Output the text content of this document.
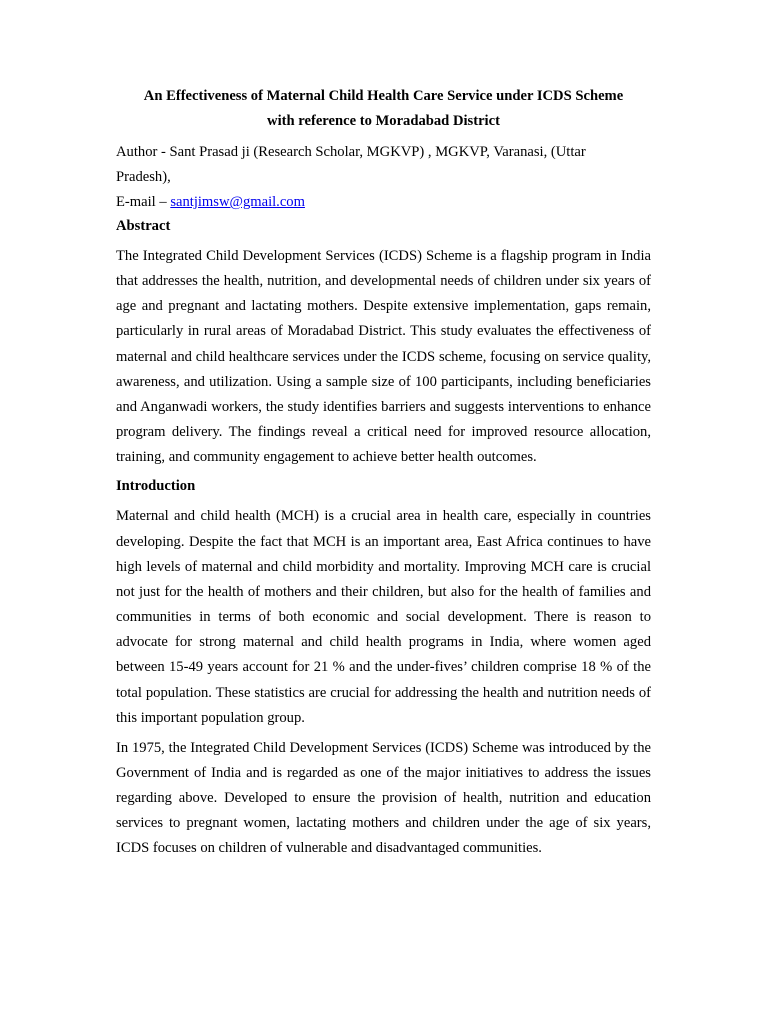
An Effectiveness of Maternal Child Health Care Service under ICDS Scheme
with reference to Moradabad District

Author - Sant Prasad ji (Research Scholar, MGKVP) , MGKVP, Varanasi, (Uttar

Pradesh),

E-mail – santjimsw@gmail.com

Abstract

The Integrated Child Development Services (ICDS) Scheme is a flagship program in India that addresses the health, nutrition, and developmental needs of children under six years of age and pregnant and lactating mothers. Despite extensive implementation, gaps remain, particularly in rural areas of Moradabad District. This study evaluates the effectiveness of maternal and child healthcare services under the ICDS scheme, focusing on service quality, awareness, and utilization. Using a sample size of 100 participants, including beneficiaries and Anganwadi workers, the study identifies barriers and suggests interventions to enhance program delivery. The findings reveal a critical need for improved resource allocation, training, and community engagement to achieve better health outcomes.

Introduction

Maternal and child health (MCH) is a crucial area in health care, especially in countries developing. Despite the fact that MCH is an important area, East Africa continues to have high levels of maternal and child morbidity and mortality. Improving MCH care is crucial not just for the health of mothers and their children, but also for the health of families and communities in terms of both economic and social development. There is reason to advocate for strong maternal and child health programs in India, where women aged between 15-49 years account for 21 % and the under-fives’ children comprise 18 % of the total population. These statistics are crucial for addressing the health and nutrition needs of this important population group.

In 1975, the Integrated Child Development Services (ICDS) Scheme was introduced by the Government of India and is regarded as one of the major initiatives to address the issues regarding above. Developed to ensure the provision of health, nutrition and education services to pregnant women, lactating mothers and children under the age of six years, ICDS focuses on children of vulnerable and disadvantaged communities.
